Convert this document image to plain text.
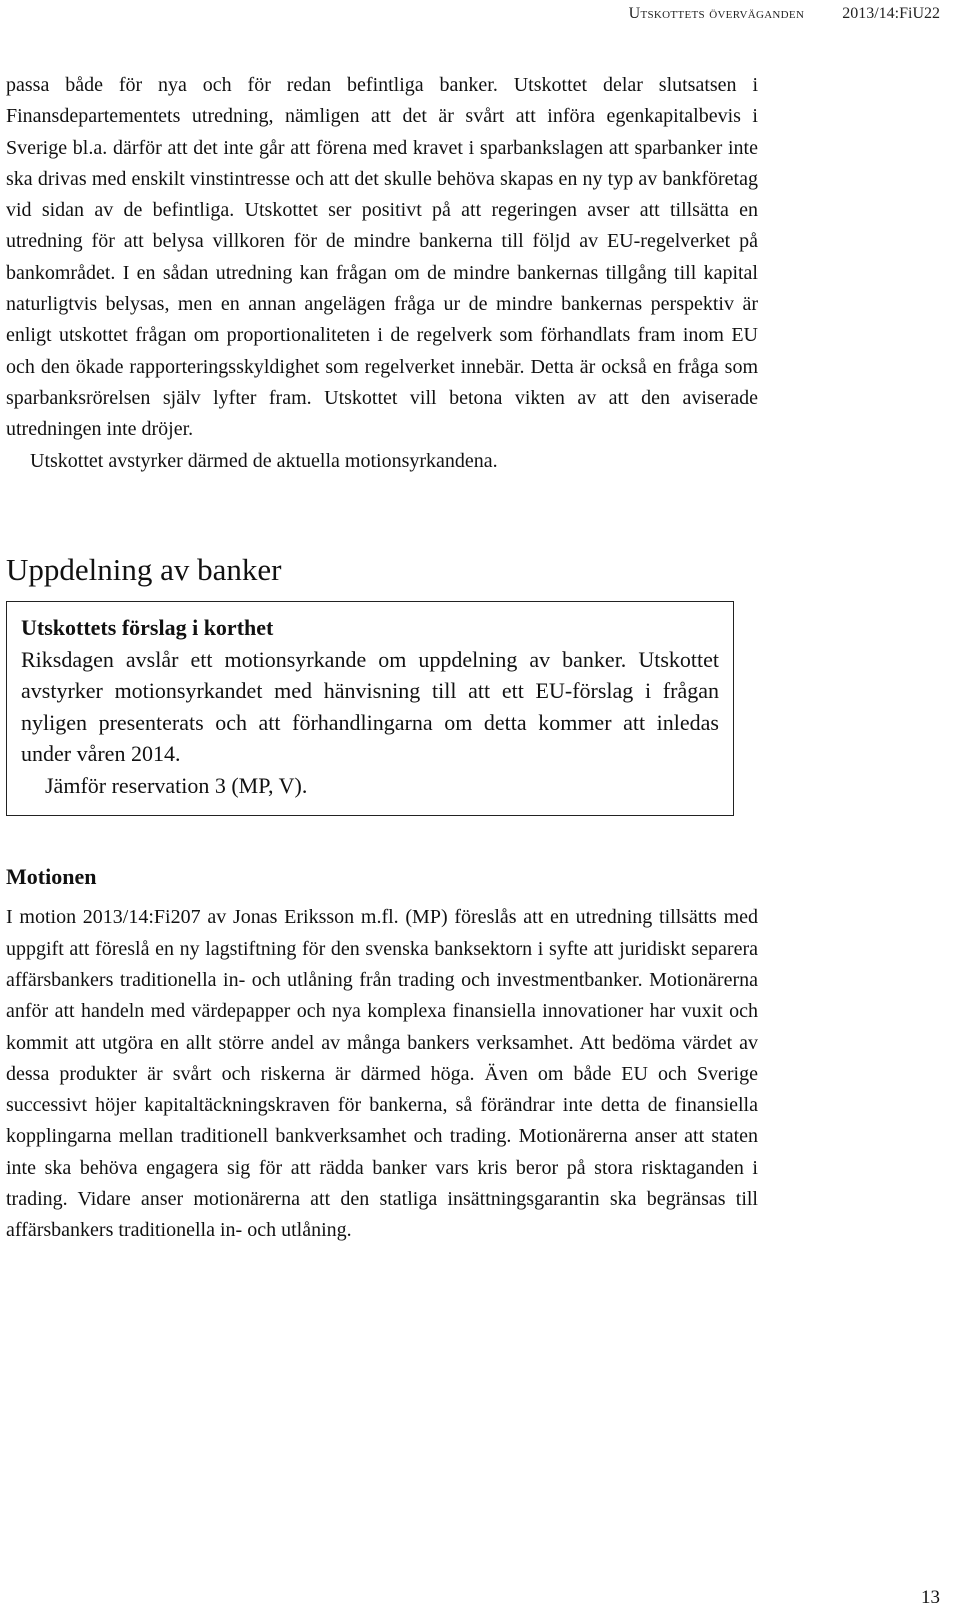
Utskottets överväganden 2013/14:FiU22

passa både för nya och för redan befintliga banker. Utskottet delar slutsatsen i Finansdepartementets utredning, nämligen att det är svårt att införa egenkapitalbevis i Sverige bl.a. därför att det inte går att förena med kravet i sparbankslagen att sparbanker inte ska drivas med enskilt vinstintresse och att det skulle behöva skapas en ny typ av bankföretag vid sidan av de befintliga. Utskottet ser positivt på att regeringen avser att tillsätta en utredning för att belysa villkoren för de mindre bankerna till följd av EU-regelverket på bankområdet. I en sådan utredning kan frågan om de mindre bankernas tillgång till kapital naturligtvis belysas, men en annan angelägen fråga ur de mindre bankernas perspektiv är enligt utskottet frågan om proportionaliteten i de regelverk som förhandlats fram inom EU och den ökade rapporteringsskyldighet som regelverket innebär. Detta är också en fråga som sparbanksrörelsen själv lyfter fram. Utskottet vill betona vikten av att den aviserade utredningen inte dröjer.

Utskottet avstyrker därmed de aktuella motionsyrkandena.

Uppdelning av banker
Utskottets förslag i korthet

Riksdagen avslår ett motionsyrkande om uppdelning av banker. Utskottet avstyrker motionsyrkandet med hänvisning till att ett EU-förslag i frågan nyligen presenterats och att förhandlingarna om detta kommer att inledas under våren 2014.

Jämför reservation 3 (MP, V).

Motionen

I motion 2013/14:Fi207 av Jonas Eriksson m.fl. (MP) föreslås att en utredning tillsätts med uppgift att föreslå en ny lagstiftning för den svenska banksektorn i syfte att juridiskt separera affärsbankers traditionella in- och utlåning från trading och investmentbanker. Motionärerna anför att handeln med värdepapper och nya komplexa finansiella innovationer har vuxit och kommit att utgöra en allt större andel av många bankers verksamhet. Att bedöma värdet av dessa produkter är svårt och riskerna är därmed höga. Även om både EU och Sverige successivt höjer kapitaltäckningskraven för bankerna, så förändrar inte detta de finansiella kopplingarna mellan traditionell bankverksamhet och trading. Motionärerna anser att staten inte ska behöva engagera sig för att rädda banker vars kris beror på stora risktaganden i trading. Vidare anser motionärerna att den statliga insättningsgarantin ska begränsas till affärsbankers traditionella in- och utlåning.

13
